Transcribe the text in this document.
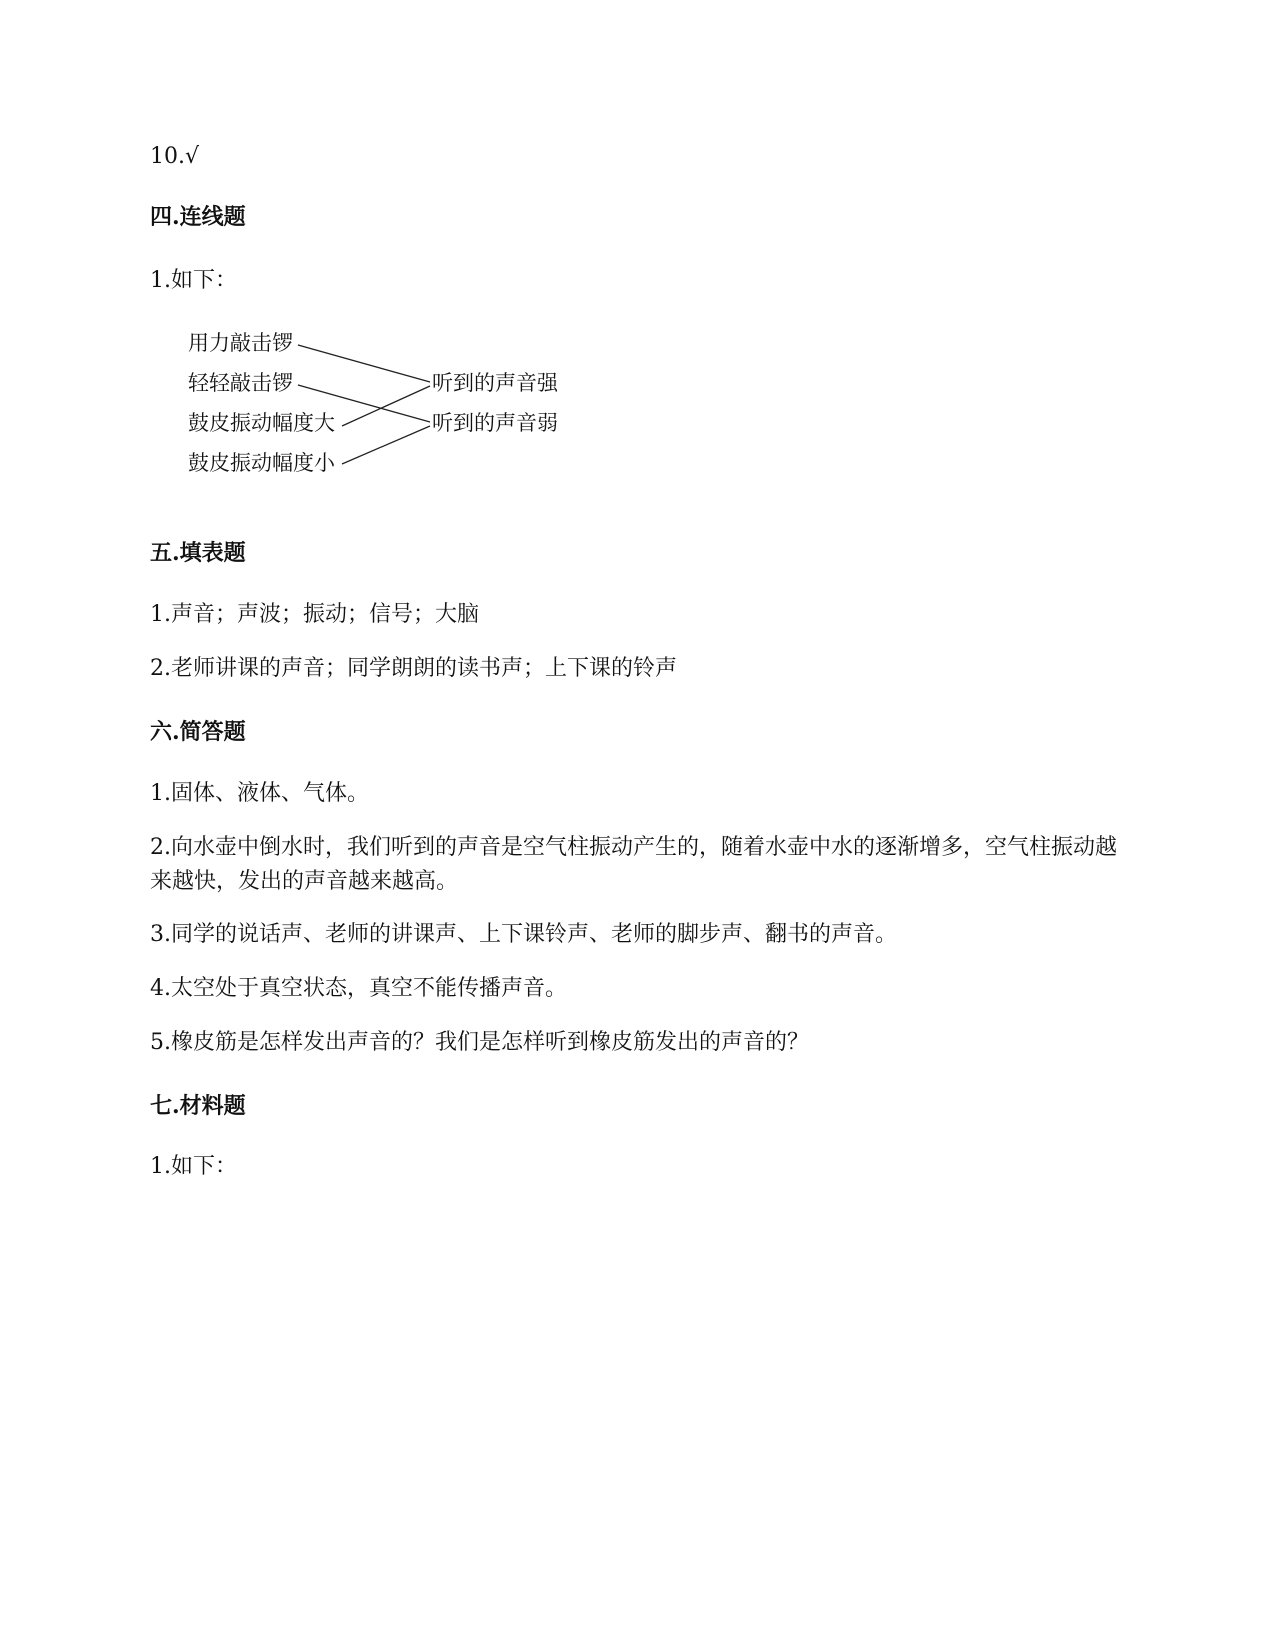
10.√

四.连线题

1.如下：

用力敲击锣
轻轻敲击锣
鼓皮振动幅度大
鼓皮振动幅度小
听到的声音强
听到的声音弱

五.填表题

1.声音；声波；振动；信号；大脑

2.老师讲课的声音；同学朗朗的读书声；上下课的铃声

六.简答题

1.固体、液体、气体。

2.向水壶中倒水时，我们听到的声音是空气柱振动产生的，随着水壶中水的逐渐增多，空气柱振动越来越快，发出的声音越来越高。

3.同学的说话声、老师的讲课声、上下课铃声、老师的脚步声、翻书的声音。

4.太空处于真空状态，真空不能传播声音。

5.橡皮筋是怎样发出声音的？我们是怎样听到橡皮筋发出的声音的？

七.材料题

1.如下：
